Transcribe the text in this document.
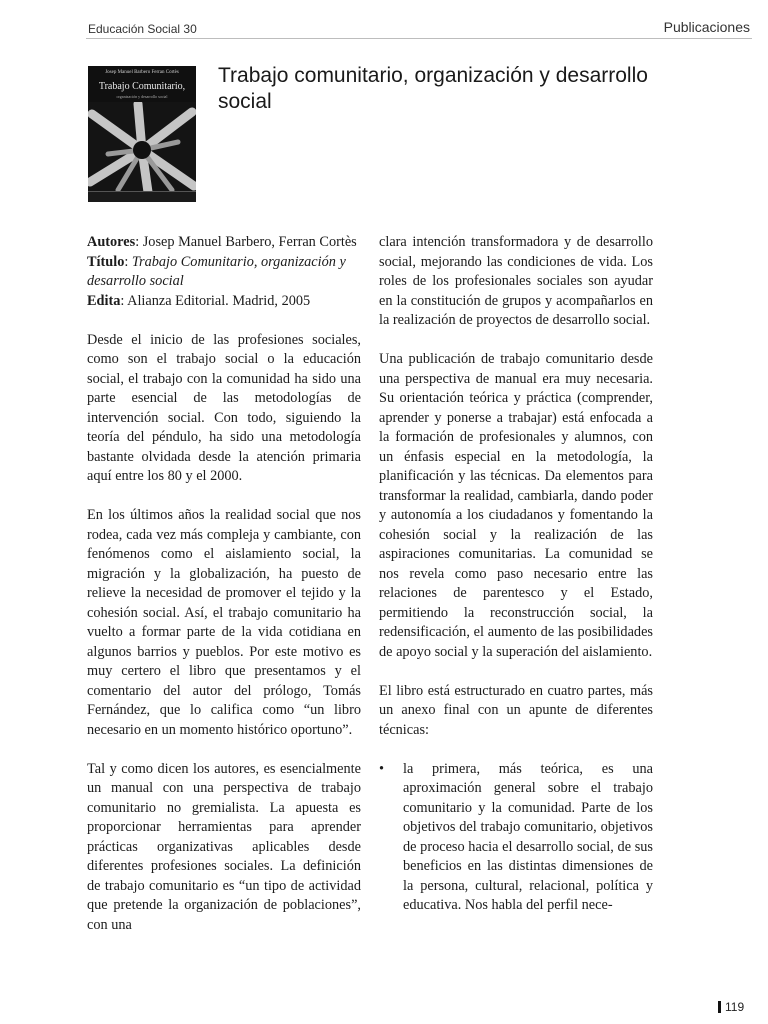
Educación Social 30	Publicaciones
Josep Manuel Barbero Ferran Cortès
Trabajo Comunitario,
organización y desarrollo social
Trabajo comunitario, organización y desarrollo social

Autores: Josep Manuel Barbero, Ferran Cortès

Título: Trabajo Comunitario, organización y desarrollo social

Edita: Alianza Editorial. Madrid, 2005

Desde el inicio de las profesiones sociales, como son el trabajo social o la educación social, el trabajo con la comunidad ha sido una parte esencial de las metodologías de intervención social. Con todo, siguiendo la teoría del péndulo, ha sido una metodología bastante olvidada desde la atención primaria aquí entre los 80 y el 2000.

En los últimos años la realidad social que nos rodea, cada vez más compleja y cambiante, con fenómenos como el aislamiento social, la migración y la globalización, ha puesto de relieve la necesidad de promover el tejido y la cohesión social. Así, el trabajo comunitario ha vuelto a formar parte de la vida cotidiana en algunos barrios y pueblos. Por este motivo es muy certero el libro que presentamos y el comentario del autor del prólogo, Tomás Fernández, que lo califica como “un libro necesario en un momento histórico oportuno”.

Tal y como dicen los autores, es esencialmente un manual con una perspectiva de trabajo comunitario no gremialista. La apuesta es proporcionar herramientas para aprender prácticas organizativas aplicables desde diferentes profesiones sociales. La definición de trabajo comunitario es “un tipo de actividad que pretende la organización de poblaciones”, con una

clara intención transformadora y de desarrollo social, mejorando las condiciones de vida. Los roles de los profesionales sociales son ayudar en la constitución de grupos y acompañarlos en la realización de proyectos de desarrollo social.

Una publicación de trabajo comunitario desde una perspectiva de manual era muy necesaria. Su orientación teórica y práctica (comprender, aprender y ponerse a trabajar) está enfocada a la formación de profesionales y alumnos, con un énfasis especial en la metodología, la planificación y las técnicas. Da elementos para transformar la realidad, cambiarla, dando poder y autonomía a los ciudadanos y fomentando la cohesión social y la realización de las aspiraciones comunitarias. La comunidad se nos revela como paso necesario entre las relaciones de parentesco y el Estado, permitiendo la reconstrucción social, la redensificación, el aumento de las posibilidades de apoyo social y la superación del aislamiento.

El libro está estructurado en cuatro partes, más un anexo final con un apunte de diferentes técnicas:

• la primera, más teórica, es una aproximación general sobre el trabajo comunitario y la comunidad. Parte de los objetivos del trabajo comunitario, objetivos de proceso hacia el desarrollo social, de sus beneficios en las distintas dimensiones de la persona, cultural, relacional, política y educativa. Nos habla del perfil nece-

119
